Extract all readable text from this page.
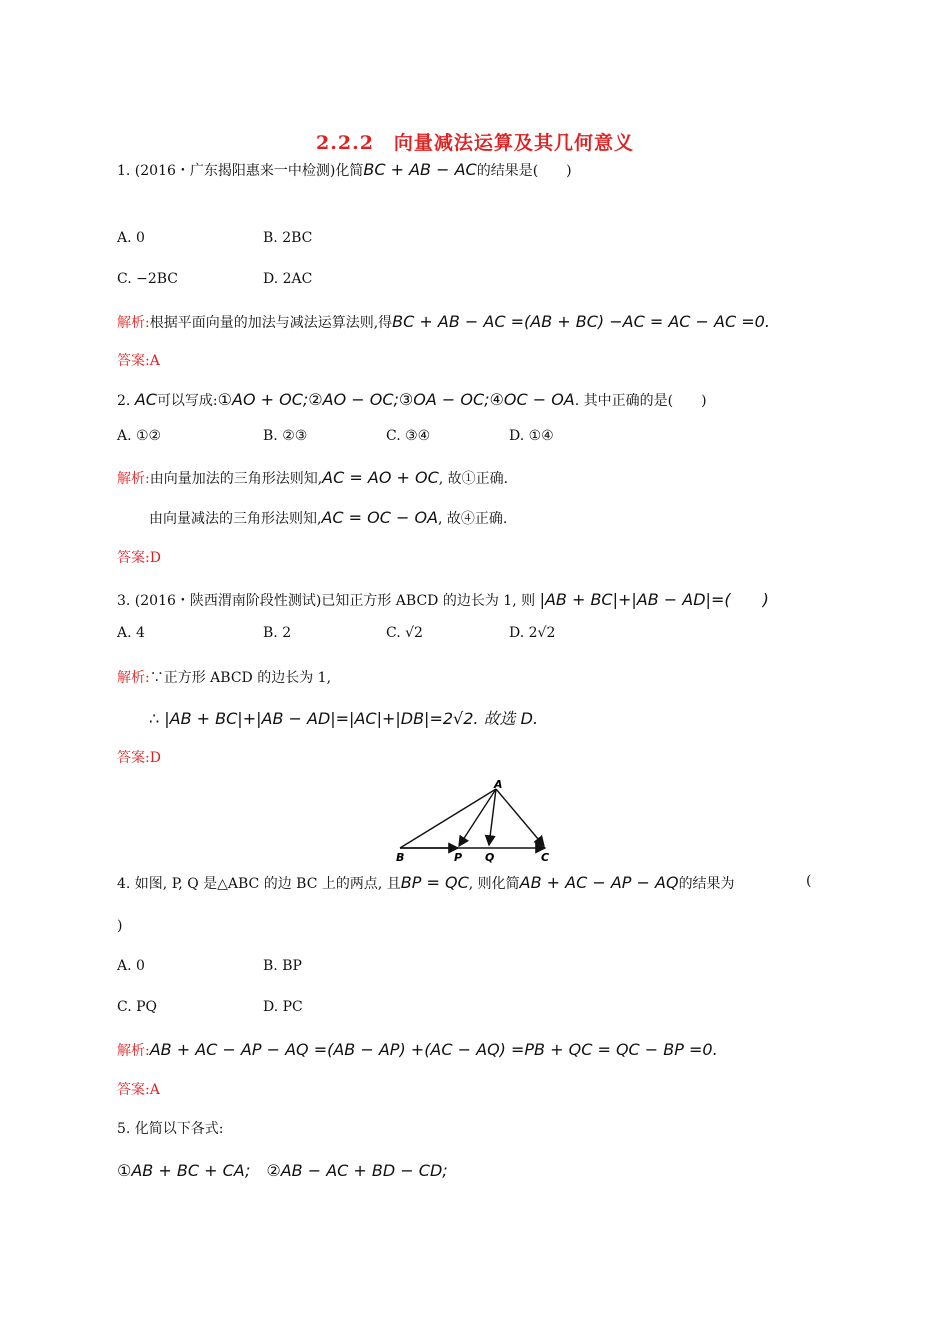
2.2.2　向量减法运算及其几何意义
1. (2016・广东揭阳惠来一中检测)化简BC + AB − AC的结果是(　　)
A. 0	B. 2BC
C. −2BC	D. 2AC
解析:根据平面向量的加法与减法运算法则,得BC + AB − AC =(AB + BC) −AC = AC − AC =0.
答案:A
2. AC可以写成:①AO + OC;②AO − OC;③OA − OC;④OC − OA. 其中正确的是(　　)
A. ①②	B. ②③	C. ③④	D. ①④
解析:由向量加法的三角形法则知,AC = AO + OC, 故①正确.
由向量减法的三角形法则知,AC = OC − OA, 故④正确.
答案:D
3. (2016・陕西渭南阶段性测试)已知正方形 ABCD 的边长为 1, 则 |AB + BC|+|AB − AD|=(　　)
A. 4	B. 2	C. √2	D. 2√2
解析:∵正方形 ABCD 的边长为 1,
∴ |AB + BC|+|AB − AD|=|AC|+|DB|=2√2. 故选 D.
答案:D
A
B	P Q	C
4. 如图, P, Q 是△ABC 的边 BC 上的两点, 且BP = QC, 则化简AB + AC − AP − AQ的结果为	(
)
A. 0	B. BP
C. PQ	D. PC
解析:AB + AC − AP − AQ =(AB − AP) +(AC − AQ) =PB + QC = QC − BP =0.
答案:A
5. 化简以下各式:
①AB + BC + CA;　②AB − AC + BD − CD;
